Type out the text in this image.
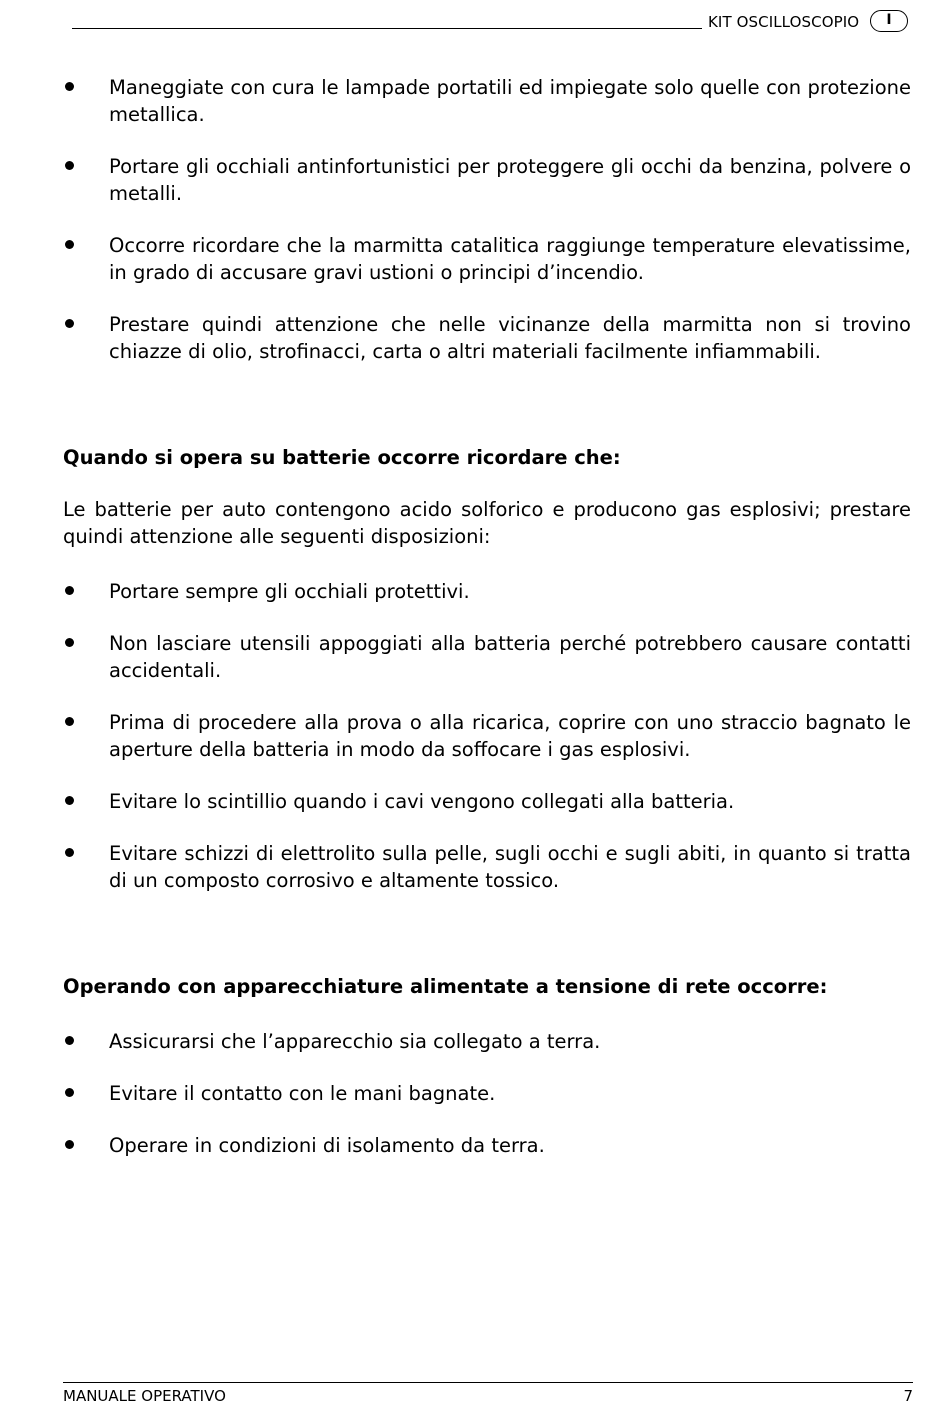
KIT OSCILLOSCOPIO	I
Maneggiate con cura le lampade portatili ed impiegate solo quelle con protezione metallica.
Portare gli occhiali antinfortunistici per proteggere gli occhi da benzina, polvere o metalli.
Occorre ricordare che la marmitta catalitica raggiunge temperature elevatissime, in grado di accusare gravi ustioni o principi d’incendio.
Prestare quindi attenzione che nelle vicinanze della marmitta non si trovino chiazze di olio, strofinacci, carta o altri materiali facilmente infiammabili.
Quando si opera su batterie occorre ricordare che:

Le batterie per auto contengono acido solforico e producono gas esplosivi; prestare quindi attenzione alle seguenti disposizioni:

Portare sempre gli occhiali protettivi.
Non lasciare utensili appoggiati alla batteria perché potrebbero causare contatti accidentali.
Prima di procedere alla prova o alla ricarica, coprire con uno straccio bagnato le aperture della batteria in modo da soffocare i gas esplosivi.
Evitare lo scintillio quando i cavi vengono collegati alla batteria.
Evitare schizzi di elettrolito sulla pelle, sugli occhi e sugli abiti, in quanto si tratta di un composto corrosivo e altamente tossico.
Operando con apparecchiature alimentate a tensione di rete occorre:
Assicurarsi che l’apparecchio sia collegato a terra.
Evitare il contatto con le mani bagnate.
Operare in condizioni di isolamento da terra.
MANUALE OPERATIVO	7
